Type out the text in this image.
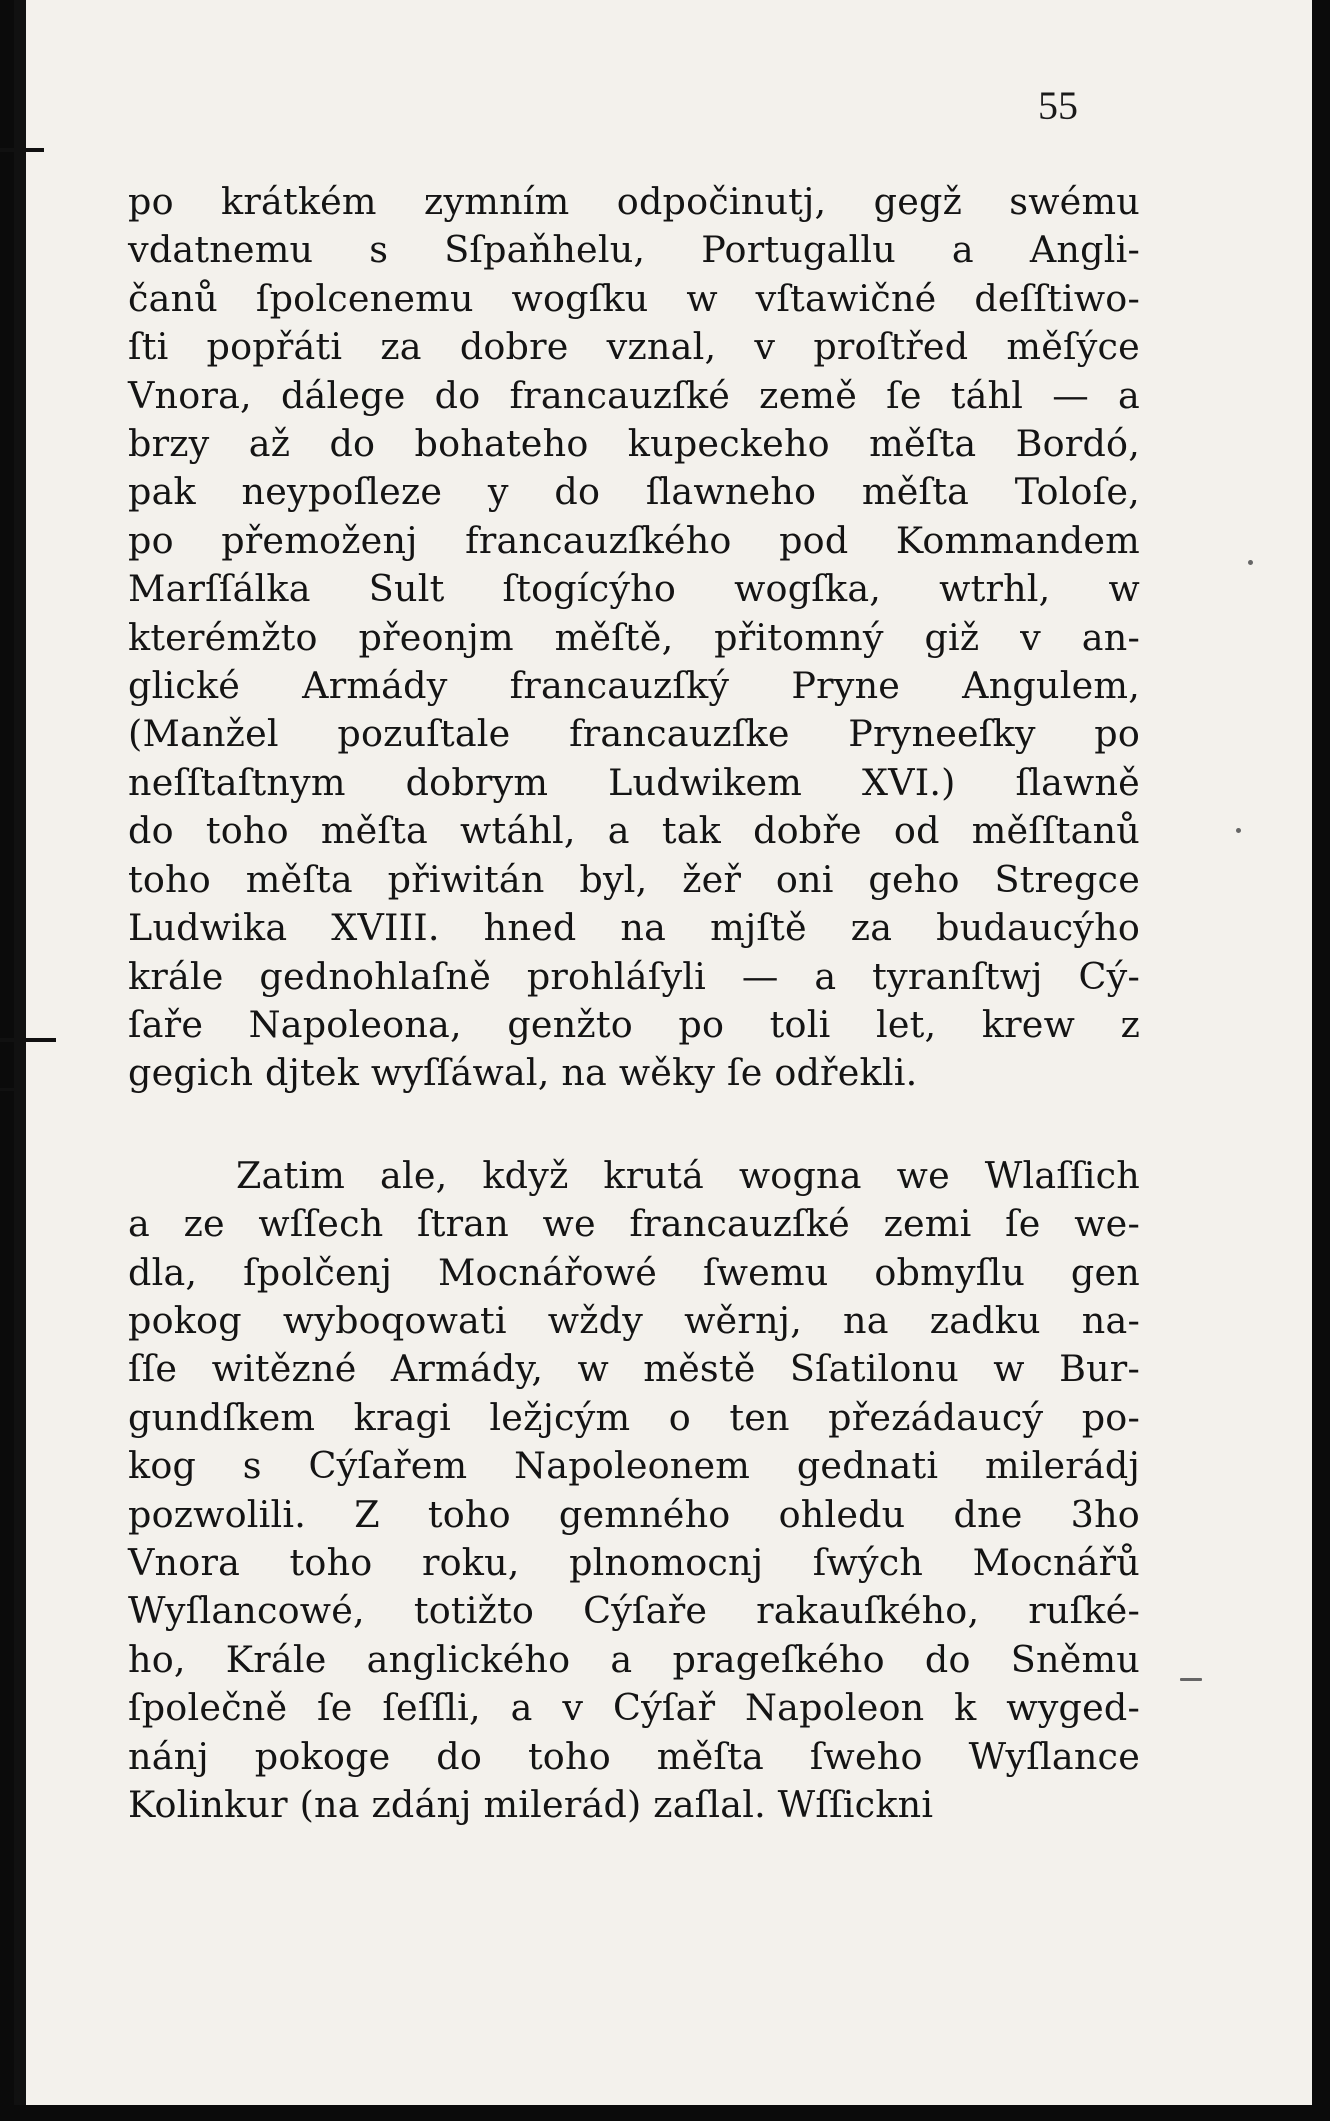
55
po krátkém zymním odpočinutj, gegž swému
vdatnemu s Sſpaňhelu, Portugallu a Angli-
čanů ſpolcenemu wogſku w vſtawičné deſſtiwo-
ſti popřáti za dobre vznal, v proſtřed měſýce
Vnora, dálege do francauzſké země ſe táhl — a
brzy až do bohateho kupeckeho měſta Bordó,
pak neypoſleze y do ſlawneho měſta Toloſe,
po přemoženj francauzſkého pod Kommandem
Marſſálka Sult ſtogícýho wogſka, wtrhl, w
kterémžto přeonjm měſtě, přitomný giž v an-
glické Armády francauzſký Pryne Angulem,
(Manžel pozuſtale francauzſke Pryneeſky po
neſſtaſtnym dobrym Ludwikem XVI.) ſlawně
do toho měſta wtáhl, a tak dobře od měſſtanů
toho měſta přiwitán byl, žeř oni geho Stregce
Ludwika XVIII. hned na mjſtě za budaucýho
krále gednohlaſně prohláſyli — a tyranſtwj Cý-
ſaře Napoleona, genžto po toli let, krew z
gegich djtek wyſſáwal, na wěky ſe odřekli.
Zatim ale, když krutá wogna we Wlaſſich
a ze wſſech ſtran we francauzſké zemi ſe we-
dla, ſpolčenj Mocnářowé ſwemu obmyſlu gen
pokog wyboqowati wždy wěrnj, na zadku na-
ſſe witězné Armády, w městě Sſatilonu w Bur-
gundſkem kragi ležjcým o ten přezádaucý po-
kog s Cýſařem Napoleonem gednati milerádj
pozwolili. Z toho gemného ohledu dne 3ho
Vnora toho roku, plnomocnj ſwých Mocnářů
Wyſlancowé, totižto Cýſaře rakauſkého, ruſké-
ho, Krále anglického a prageſkého do Sněmu
ſpolečně ſe ſeſſli, a v Cýſař Napoleon k wyged-
nánj pokoge do toho měſta ſweho Wyſlance
Kolinkur (na zdánj milerád) zaſlal. Wſſickni
